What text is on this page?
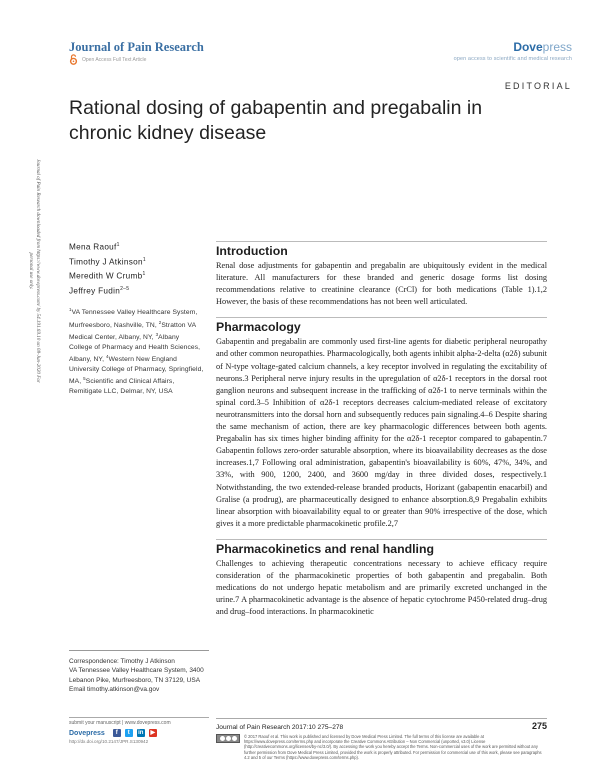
Journal of Pain Research	Dovepress
open access to scientific and medical research
Open Access Full Text Article
EDITORIAL
Rational dosing of gabapentin and pregabalin in chronic kidney disease
Journal of Pain Research downloaded from https://www.dovepress.com/ by 54.191.69.10 on 08-Jun-2020 For personal use only.
Mena Raouf$^1$
Timothy J Atkinson$^1$
Meredith W Crumb$^1$
Jeffrey Fudin$^{2-5}$
$^1$VA Tennessee Valley Healthcare System, Murfreesboro, Nashville, TN, $^2$Stratton VA Medical Center, Albany, NY, $^3$Albany College of Pharmacy and Health Sciences, Albany, NY, $^4$Western New England University College of Pharmacy, Springfield, MA, $^5$Scientific and Clinical Affairs, Remitigate LLC, Delmar, NY, USA
Correspondence: Timothy J Atkinson
VA Tennessee Valley Healthcare System, 3400 Lebanon Pike, Murfreesboro, TN 37129, USA
Email timothy.atkinson@va.gov
Introduction

Renal dose adjustments for gabapentin and pregabalin are ubiquitously evident in the medical literature. All manufacturers for these branded and generic dosage forms list dosing recommendations relative to creatinine clearance (CrCl) for both medications (Table 1).1,2 However, the basis of these recommendations has not been well articulated.

Pharmacology

Gabapentin and pregabalin are commonly used first-line agents for diabetic peripheral neuropathy and other common neuropathies. Pharmacologically, both agents inhibit alpha-2-delta (α2δ) subunit of N-type voltage-gated calcium channels, a key receptor involved in regulating the excitability of neurons.3 Peripheral nerve injury results in the upregulation of α2δ-1 receptors in the dorsal root ganglion neurons and subsequent increase in the trafficking of α2δ-1 to nerve terminals within the spinal cord.3–5 Inhibition of α2δ-1 receptors decreases calcium-mediated release of excitatory neurotransmitters into the dorsal horn and subsequently reduces pain signaling.4–6 Despite sharing the same mechanism of action, there are key pharmacologic differences between both agents. Pregabalin has six times higher binding affinity for the α2δ-1 receptor compared to gabapentin.7 Gabapentin follows zero-order saturable absorption, where its bioavailability decreases as the dose increases.1,7 Following oral administration, gabapentin's bioavailability is 60%, 47%, 34%, and 33%, with 900, 1200, 2400, and 3600 mg/day in three divided doses, respectively.1 Notwithstanding, the two extended-release branded products, Horizant (gabapentin enacarbil) and Gralise (a prodrug), are pharmaceutically designed to enhance absorption.8,9 Pregabalin exhibits linear absorption with bioavailability equal to or greater than 90% irrespective of the dose, which gives it a more predictable pharmacokinetic profile.2,7

Pharmacokinetics and renal handling

Challenges to achieving therapeutic concentrations necessary to achieve efficacy require consideration of the pharmacokinetic properties of both gabapentin and pregabalin. Both medications do not undergo hepatic metabolism and are primarily excreted unchanged in the urine.7 A pharmacokinetic advantage is the absence of hepatic cytochrome P450-related drug–drug and drug–food interactions. In pharmacokinetic

submit your manuscript | www.dovepress.com
Dovepress	f	t	in ▶
http://dx.doi.org/10.2147/JPR.S130942
Journal of Pain Research 2017:10 275–278	275
© 2017 Raouf et al. This work is published and licensed by Dove Medical Press Limited. The full terms of this license are available at https://www.dovepress.com/terms.php and incorporate the Creative Commons Attribution – Non Commercial (unported, v3.0) License (http://creativecommons.org/licenses/by-nc/3.0/). By accessing the work you hereby accept the Terms. Non-commercial uses of the work are permitted without any further permission from Dove Medical Press Limited, provided the work is properly attributed. For permission for commercial use of this work, please see paragraphs 4.2 and 5 of our Terms (https://www.dovepress.com/terms.php).
